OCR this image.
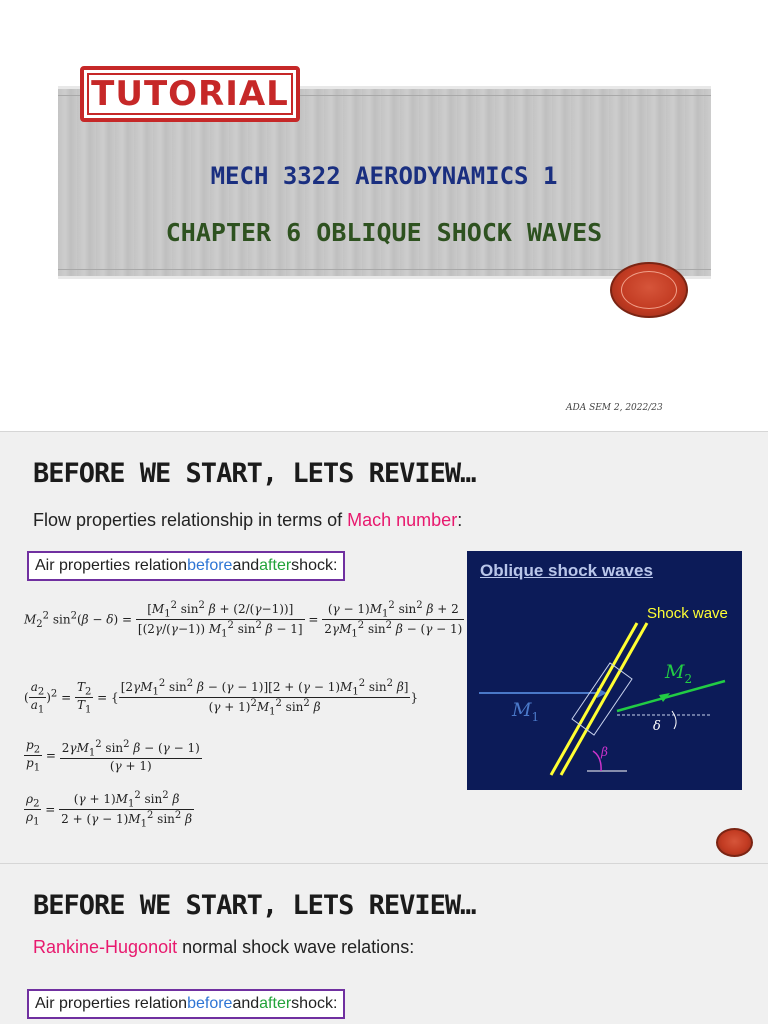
TUTORIAL
MECH 3322 AERODYNAMICS 1
CHAPTER 6 OBLIQUE SHOCK WAVES
ADA SEM 2, 2022/23
BEFORE WE START, LETS REVIEW…
Flow properties relationship in terms of Mach number:
Air properties relation before and after shock:
$M_2^2$ $\sin^2(\beta - \delta) = \frac{[M_1^2 \sin^2 \beta + (2/(\gamma-1))]}{[(2\gamma/(\gamma-1)) M_1^2 \sin^2 \beta - 1]} = \frac{(\gamma - 1)M_1^2 \sin^2 \beta + 2}{2\gamma M_1^2 \sin^2 \beta - (\gamma - 1)}$
( $\frac{a_2}{a_1} )^2 = \frac{T_2}{T_1}$ = { $\frac{[2\gamma M_1^2 \sin^2 \beta - (\gamma - 1)][2 + (\gamma - 1)M_1^2 \sin^2 \beta]}{(\gamma + 1)^2M_1^2 \sin^2 \beta}$ }
$\frac{p_2}{p_1} = \frac{2\gamma M_1^2 \sin^2 \beta - (\gamma - 1)}{(\gamma + 1)}$
$\frac{\rho_2}{\rho_1} = \frac{(\gamma + 1)M_1^2 \sin^2 \beta}{2 + (\gamma - 1)M_1^2 \sin^2 \beta}$
Oblique shock waves
Shock wave
$M_1$
$M_2$
β
δ
BEFORE WE START, LETS REVIEW…
Rankine-Hugonoit normal shock wave relations:
Air properties relation before and after shock:
